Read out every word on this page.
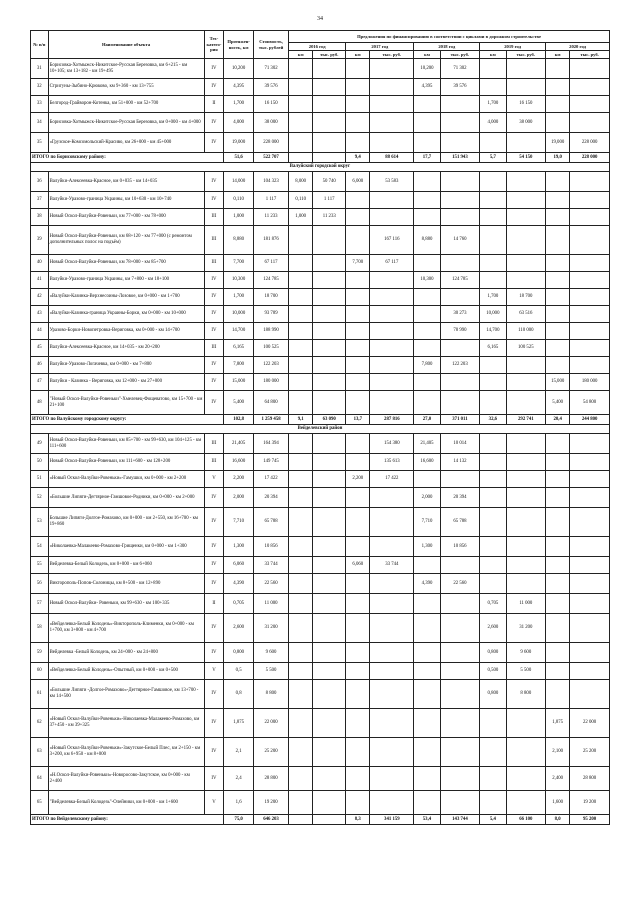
34
№ п/п	Наименование объекта	Тех-катего-рия	Протяжен-ность, км	Стоимость, тыс. рублей	Предложения по финансированию в соответствии с циклами в дорожном строительстве									
					2016 год		2017 год		2018 год		2019 год		2020 год	
					км	тыс. руб.	км	тыс. руб.	км	тыс. руб.	км	тыс. руб.	км	тыс. руб.
31	Борисовка-Хотмыжск-Никитское-Русская Березовка, км 6+215 - км 10+105; км 13+182 - км 19+495	IV	10,200	71 302					10,200	71 302				
32	Стригуны-Зыбино-Крюково, км 9+360 - км 13+755	IV	4,395	39 576					4,395	39 576				
33	Белгород-Грайворон-Котенка, км 51+000 - км 52+700	II	1,700	16 150							1,700	16 150		
34	Борисовка-Хотмыжск-Никитское-Русская Березовка, км 0+000 - км 4+000	IV	4,000	38 000							4,000	38 000		
35	«Грузское-Комсомольский-Красиво, км 26+000 - км 45+000	IV	19,000	228 000									19,000	228 000
ИТОГО по Борисовскому району:			51,6	522 707			9,4	88 614	17,7	151 943	5,7	54 150	19,0	228 000
Валуйский городской округ														
36	Валуйки-Алексеевка-Красное, км 0+035 - км 14+035	IV	14,000	104 323	8,000	50 740	6,000	53 583						
37	Валуйки-Уразово-граница Украины, км 10+630 - км 10+740	IV	0,110	1 117	0,110	1 117								
38	Новый Оскол-Валуйки-Ровеньки, км 77+000 - км 78+000	III	1,000	11 233	1,000	11 233								
39	Новый Оскол-Валуйки-Ровеньки, км 68+120 - км 77+000 (с ремонтом дополнительных полос на подъём)	III	8,880	181 876				167 116	8,880	14 760				
40	Новый Оскол-Валуйки-Ровеньки, км 78+000 - км 85+700	III	7,700	67 117			7,700	67 117						
41	Валуйки-Уразово-граница Украины, км 7+800 - км 18+100	IV	10,300	124 785					10,300	124 785				
42	«Валуйки-Казинка-Верхнесоины-Лозовое, км 0+000 - км 1+700	IV	1,700	18 700							1,700	18 700		
43	«Валуйки-Казинка-граница Украины-Борки, км 0+000 - км 10+000	IV	10,000	93 789						30 273	10,000	63 516		
44	Уразово-Борки-Новопетровка-Вериговка, км 0+000 - км 14+700	IV	14,700	188 990						78 990	14,700	110 000		
45	Валуйки-Алексеевка-Красное, км 14+035 - км 20+200	III	6,165	100 525							6,165	100 525		
46	Валуйки-Уразово-Логачевка, км 0+000 - км 7+800	IV	7,800	122 203					7,800	122 203				
47	Валуйки - Казинка - Вериговка, км 12+000 - км 27+000	IV	15,000	180 000									15,000	180 000
48	"Новый Оскол-Валуйки-Ровеньки"-Хмелевец-Фощеватово, км 15+700 - км 21+100	IV	5,400	64 800									5,400	54 800
ИТОГО по Валуйскому городскому округу:			102,8	1 259 458	9,1	63 090	13,7	287 816	27,0	371 011	32,6	292 741	20,4	244 800
Вейделевский район														
49	Новый Оскол-Валуйки-Ровеньки, км 85+700 - км 99+630, км 104+125 - км 111+600	III	21,405	164 394				154 380	21,405	10 014				
50	Новый Оскол-Валуйки-Ровеньки, км 111+600 - км 128+200	III	16,600	149 745				135 613	16,600	14 132				
51	«Новый Оскол-Валуйки-Ровеньки»-Гамушки, км 0+000 - км 2+200	V	2,200	17 422			2,200	17 422						
52	«Большие Липяги-Дегтярное-Гамшовое-Родники, км 0+000 - км 2+000	IV	2,000	20 394					2,000	20 394				
53	Большие Липяги-Долгое-Ромахово, км 0+000 - км 2+550, км 16+700 - км 19+860	IV	7,710	65 788					7,710	65 788				
54	«Николаевка-Малакеево-Ромахово-Грищенки, км 0+000 - км 1+300	IV	1,300	10 856					1,300	10 856				
55	Вейделевка-Белый Колодезь, км 0+000 - км 6+060	IV	6,060	33 744			6,060	33 744						
56	Викторополь-Попов-Солоницы, км 8+500 - км 12+890	IV	4,390	22 560					4,390	22 560				
57	Новый Оскол-Валуйки- Ровеньки, км 99+630 - км 100+335	II	0,705	11 000							0,705	11 000		
58	«Вейделевка-Белый Колодезь»-Викторополь-Клименки, км 0+000 - км 1+700, км 3+800 - км 4+700	IV	2,600	31 200							2,600	31 200		
59	Вейделевка -Белый Колодезь, км 24+000 - км 24+800	IV	0,800	9 600							0,800	9 600		
60	«Вейделевка-Белый Колодезь»-Опытный, км 0+000 - км 0+500	V	0,5	5 500							0,500	5 500		
61	«Большие Липяги -Долгое-Ромахово»-Дегтярное-Гамшовое, км 13+700 - км 14+500	IV	0,8	8 800							0,800	8 800		
62	«Новый Оскол-Валуйки-Ровеньки»-Николаевка-Малакеево-Ромахово, км 37+450 - км 39+325	IV	1,875	22 000									1,875	22 000
63	«Новый Оскол-Валуйки-Ровеньки»-Закутское-Белый Плес, км 2+150 - км 3+200, км 6+950 - км 8+000	IV	2,1	25 200									2,100	25 200
64	«Н.Оскол-Валуйки-Ровеньки»-Новоросово-Закутское, км 0+000 - км 2+400	IV	2,4	28 800									2,400	28 800
65	"Вейделевка-Белый Колодезь"-Олейники, км 0+000 - км 1+600	V	1,6	19 200									1,600	19 200
ИТОГО по Вейделевскому району:			75,0	646 203			8,3	341 159	53,4	143 744	5,4	66 100	8,0	95 200
